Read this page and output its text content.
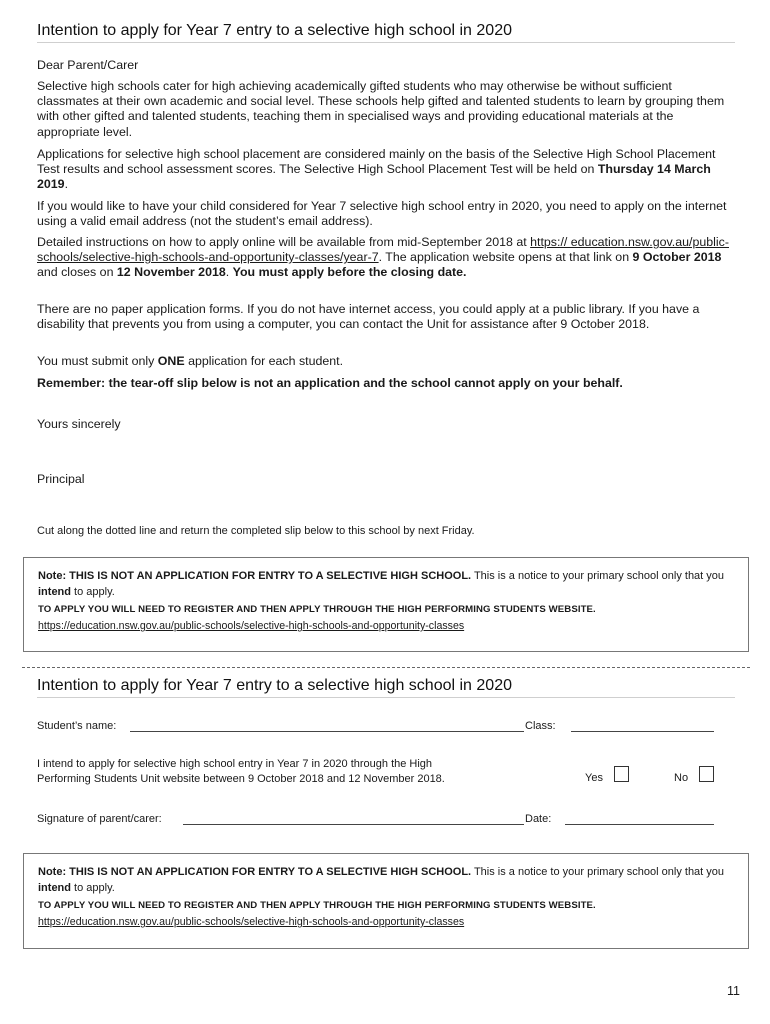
Intention to apply for Year 7 entry to a selective high school in 2020
Dear Parent/Carer
Selective high schools cater for high achieving academically gifted students who may otherwise be without sufficient classmates at their own academic and social level. These schools help gifted and talented students to learn by grouping them with other gifted and talented students, teaching them in specialised ways and providing educational materials at the appropriate level.
Applications for selective high school placement are considered mainly on the basis of the Selective High School Placement Test results and school assessment scores. The Selective High School Placement Test will be held on Thursday 14 March 2019.
If you would like to have your child considered for Year 7 selective high school entry in 2020, you need to apply on the internet using a valid email address (not the student’s email address).
Detailed instructions on how to apply online will be available from mid-September 2018 at https:// education.nsw.gov.au/public-schools/selective-high-schools-and-opportunity-classes/year-7. The application website opens at that link on 9 October 2018 and closes on 12 November 2018. You must apply before the closing date.
There are no paper application forms. If you do not have internet access, you could apply at a public library. If you have a disability that prevents you from using a computer, you can contact the Unit for assistance after 9 October 2018.
You must submit only ONE application for each student.
Remember: the tear-off slip below is not an application and the school cannot apply on your behalf.
Yours sincerely
Principal
Cut along the dotted line and return the completed slip below to this school by next Friday.
Note: THIS IS NOT AN APPLICATION FOR ENTRY TO A SELECTIVE HIGH SCHOOL. This is a notice to your primary school only that you intend to apply.
TO APPLY YOU WILL NEED TO REGISTER AND THEN APPLY THROUGH THE HIGH PERFORMING STUDENTS WEBSITE.
https://education.nsw.gov.au/public-schools/selective-high-schools-and-opportunity-classes
Intention to apply for Year 7 entry to a selective high school in 2020
Student’s name:	Class:
I intend to apply for selective high school entry in Year 7 in 2020 through the High
Performing Students Unit website between 9 October 2018 and 12 November 2018.	Yes	No
Signature of parent/carer:	Date:
Note: THIS IS NOT AN APPLICATION FOR ENTRY TO A SELECTIVE HIGH SCHOOL. This is a notice to your primary school only that you intend to apply.
TO APPLY YOU WILL NEED TO REGISTER AND THEN APPLY THROUGH THE HIGH PERFORMING STUDENTS WEBSITE.
https://education.nsw.gov.au/public-schools/selective-high-schools-and-opportunity-classes
11
